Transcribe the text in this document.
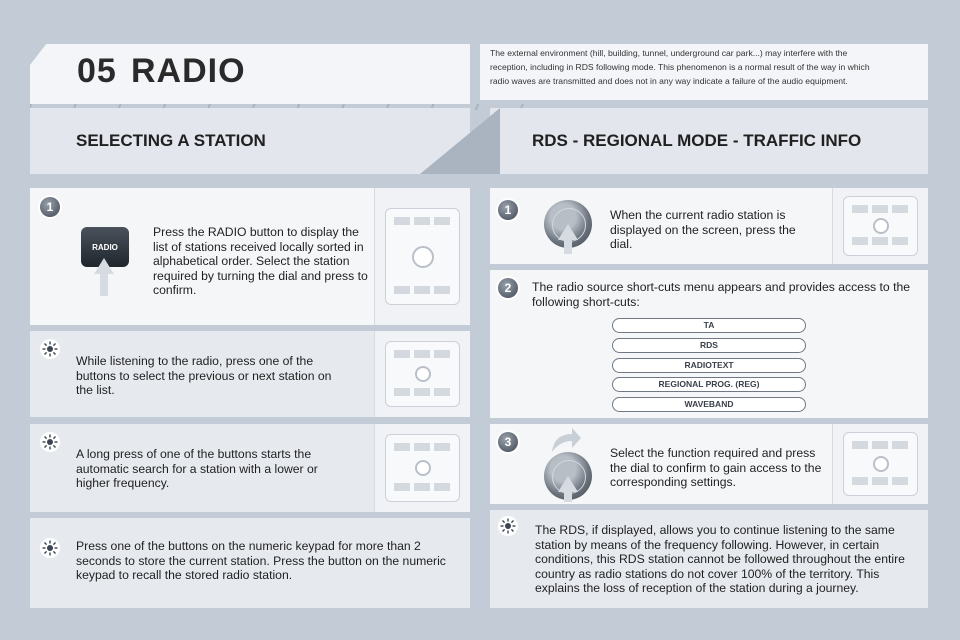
05 RADIO	The external environment (hill, building, tunnel, underground car park...) may interfere with the reception, including in RDS following mode. This phenomenon is a normal result of the way in which radio waves are transmitted and does not in any way indicate a failure of the audio equipment.
SELECTING A STATION	RDS - REGIONAL MODE - TRAFFIC INFO
1
RADIO
Press the RADIO button to display the list of stations received locally sorted in alphabetical order. Select the station required by turning the dial and press to confirm.
While listening to the radio, press one of the buttons to select the previous or next station on the list.
A long press of one of the buttons starts the automatic search for a station with a lower or higher frequency.
Press one of the buttons on the numeric keypad for more than 2 seconds to store the current station. Press the button on the numeric keypad to recall the stored radio station.
1	When the current radio station is displayed on the screen, press the dial.
2	The radio source short-cuts menu appears and provides access to the following short-cuts:
TA
RDS
RADIOTEXT
REGIONAL PROG. (REG)
WAVEBAND
3
Select the function required and press the dial to confirm to gain access to the corresponding settings.
The RDS, if displayed, allows you to continue listening to the same station by means of the frequency following. However, in certain conditions, this RDS station cannot be followed throughout the entire country as radio stations do not cover 100% of the territory. This explains the loss of reception of the station during a journey.
